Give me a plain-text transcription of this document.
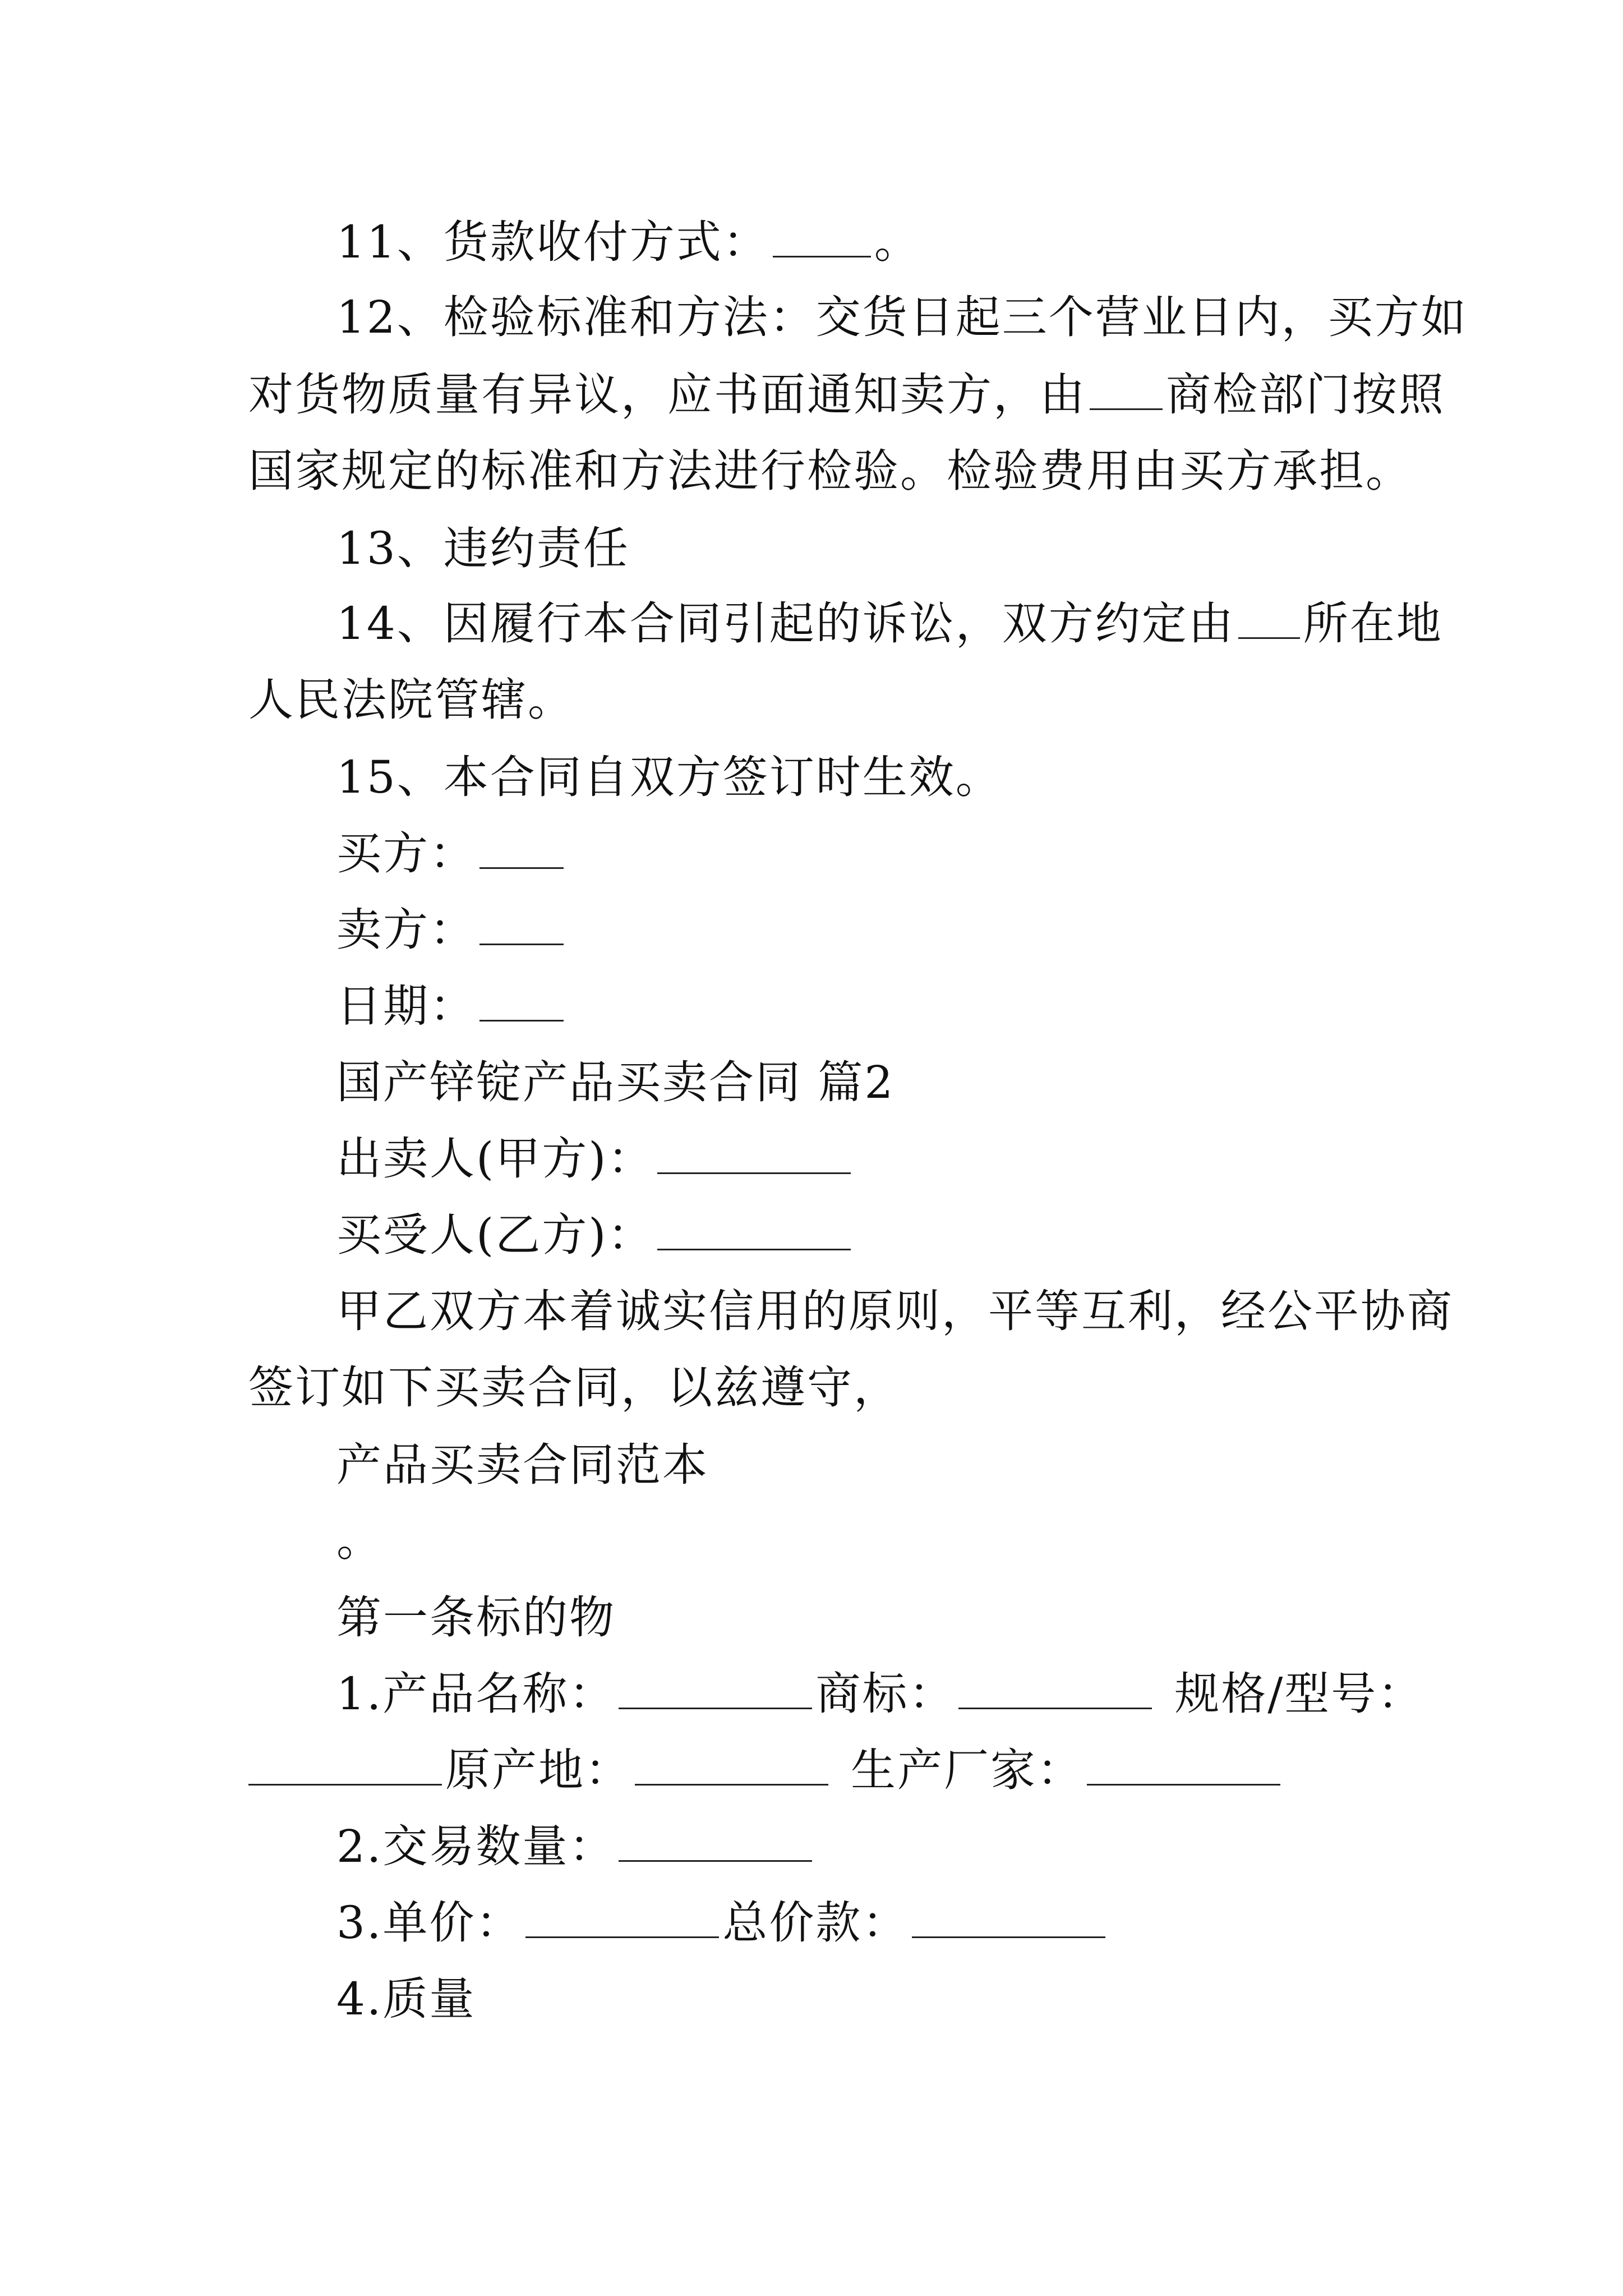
11、货款收付方式： 。

12、检验标准和方法：交货日起三个营业日内，买方如

对货物质量有异议，应书面通知卖方，由 商检部门按照

国家规定的标准和方法进行检验。检验费用由买方承担。

13、违约责任

14、因履行本合同引起的诉讼，双方约定由 所在地

人民法院管辖。

15、本合同自双方签订时生效。

买方：

卖方：

日期：

国产锌锭产品买卖合同 篇2

出卖人(甲方)：

买受人(乙方)：

甲乙双方本着诚实信用的原则，平等互利，经公平协商

签订如下买卖合同，以兹遵守，

产品买卖合同范本

。

第一条标的物

1.产品名称：	商标：	规格/型号：

原产地：	生产厂家：

2.交易数量：

3.单价：	总价款：

4.质量
